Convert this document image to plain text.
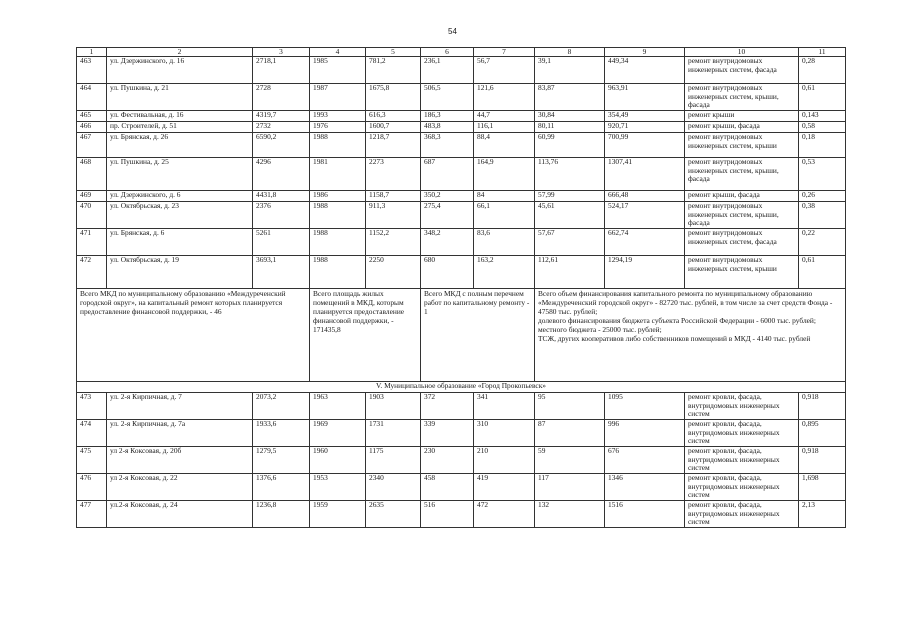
54
1	2	3	4	5	6	7	8	9	10	11
463	ул. Дзержинского, д. 16	2718,1	1985	781,2	236,1	56,7	39,1	449,34	ремонт внутридомовых инженерных систем, фасада	0,28
464	ул. Пушкина, д. 21	2728	1987	1675,8	506,5	121,6	83,87	963,91	ремонт внутридомовых инженерных систем, крыши, фасада	0,61
465	ул. Фестивальная, д. 16	4319,7	1993	616,3	186,3	44,7	30,84	354,49	ремонт крыши	0,143
466	пр. Строителей, д. 51	2732	1976	1600,7	483,8	116,1	80,11	920,71	ремонт крыши, фасада	0,58
467	ул. Брянская, д. 26	6590,2	1988	1218,7	368,3	88,4	60,99	700,99	ремонт внутридомовых инженерных систем, крыши	0,18
468	ул. Пушкина, д. 25	4296	1981	2273	687	164,9	113,76	1307,41	ремонт внутридомовых инженерных систем, крыши, фасада	0,53
469	ул. Дзержинского, д. 6	4431,8	1986	1158,7	350,2	84	57,99	666,48	ремонт крыши, фасада	0,26
470	ул. Октябрьская, д. 23	2376	1988	911,3	275,4	66,1	45,61	524,17	ремонт внутридомовых инженерных систем, крыши, фасада	0,38
471	ул. Брянская, д. 6	5261	1988	1152,2	348,2	83,6	57,67	662,74	ремонт внутридомовых инженерных систем, фасада	0,22
472	ул. Октябрьская, д. 19	3693,1	1988	2250	680	163,2	112,61	1294,19	ремонт внутридомовых инженерных систем, крыши	0,61
Всего МКД по муниципальному образованию «Междуреченский городской округ», на капитальный ремонт которых планируется предоставление финансовой поддержки, - 46			Всего площадь жилых помещений в МКД, которым планируется предоставление финансовой поддержки, - 171435,8		Всего МКД с полным перечнем работ по капитальному ремонту - 1		Всего объем финансирования капитального ремонта по муниципальному образованию «Междуреченский городской округ» - 82720 тыс. рублей, в том числе за счет средств Фонда - 47580 тыс. рублей;
долевого финансирования бюджета субъекта Российской Федерации - 6000 тыс. рублей;
местного бюджета - 25000 тыс. рублей;
ТСЖ, других кооперативов либо собственников помещений в МКД - 4140 тыс. рублей			

V. Муниципальное образование «Город Прокопьевск»										
473	ул. 2-я Кирпичная, д. 7	2073,2	1963	1903	372	341	95	1095	ремонт кровли, фасада, внутридомовых инженерных систем	0,918
474	ул. 2-я Кирпичная, д. 7а	1933,6	1969	1731	339	310	87	996	ремонт кровли, фасада, внутридомовых инженерных систем	0,895
475	ул 2-я Коксовая, д. 20б	1279,5	1960	1175	230	210	59	676	ремонт кровли, фасада, внутридомовых инженерных систем	0,918
476	ул 2-я Коксовая, д. 22	1376,6	1953	2340	458	419	117	1346	ремонт кровли, фасада, внутридомовых инженерных систем	1,698
477	ул.2-я Коксовая, д. 24	1236,8	1959	2635	516	472	132	1516	ремонт кровли, фасада, внутридомовых инженерных систем	2,13
